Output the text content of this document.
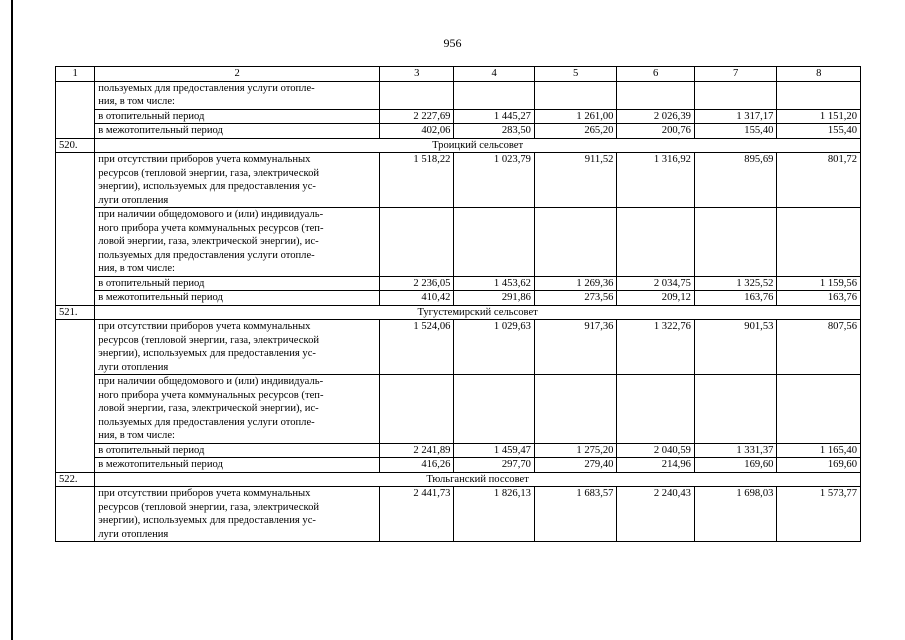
956
1	2	3	4	5	6	7	8
	пользуемых для предоставления услуги отопле-
ния, в том числе:						
	в отопительный период	2 227,69	1 445,27	1 261,00	2 026,39	1 317,17	1 151,20
	в межотопительный период	402,06	283,50	265,20	200,76	155,40	155,40
520.	Троицкий сельсовет						
	при отсутствии приборов учета коммунальных
ресурсов (тепловой энергии, газа, электрической
энергии), используемых для предоставления ус-
луги отопления	1 518,22	1 023,79	911,52	1 316,92	895,69	801,72
	при наличии общедомового и (или) индивидуаль-
ного прибора учета коммунальных ресурсов (теп-
ловой энергии, газа, электрической энергии), ис-
пользуемых для предоставления услуги отопле-
ния, в том числе:						
	в отопительный период	2 236,05	1 453,62	1 269,36	2 034,75	1 325,52	1 159,56
	в межотопительный период	410,42	291,86	273,56	209,12	163,76	163,76
521.	Тугустемирский сельсовет						
	при отсутствии приборов учета коммунальных
ресурсов (тепловой энергии, газа, электрической
энергии), используемых для предоставления ус-
луги отопления	1 524,06	1 029,63	917,36	1 322,76	901,53	807,56
	при наличии общедомового и (или) индивидуаль-
ного прибора учета коммунальных ресурсов (теп-
ловой энергии, газа, электрической энергии), ис-
пользуемых для предоставления услуги отопле-
ния, в том числе:						
	в отопительный период	2 241,89	1 459,47	1 275,20	2 040,59	1 331,37	1 165,40
	в межотопительный период	416,26	297,70	279,40	214,96	169,60	169,60
522.	Тюльганский поссовет						
	при отсутствии приборов учета коммунальных
ресурсов (тепловой энергии, газа, электрической
энергии), используемых для предоставления ус-
луги отопления	2 441,73	1 826,13	1 683,57	2 240,43	1 698,03	1 573,77
